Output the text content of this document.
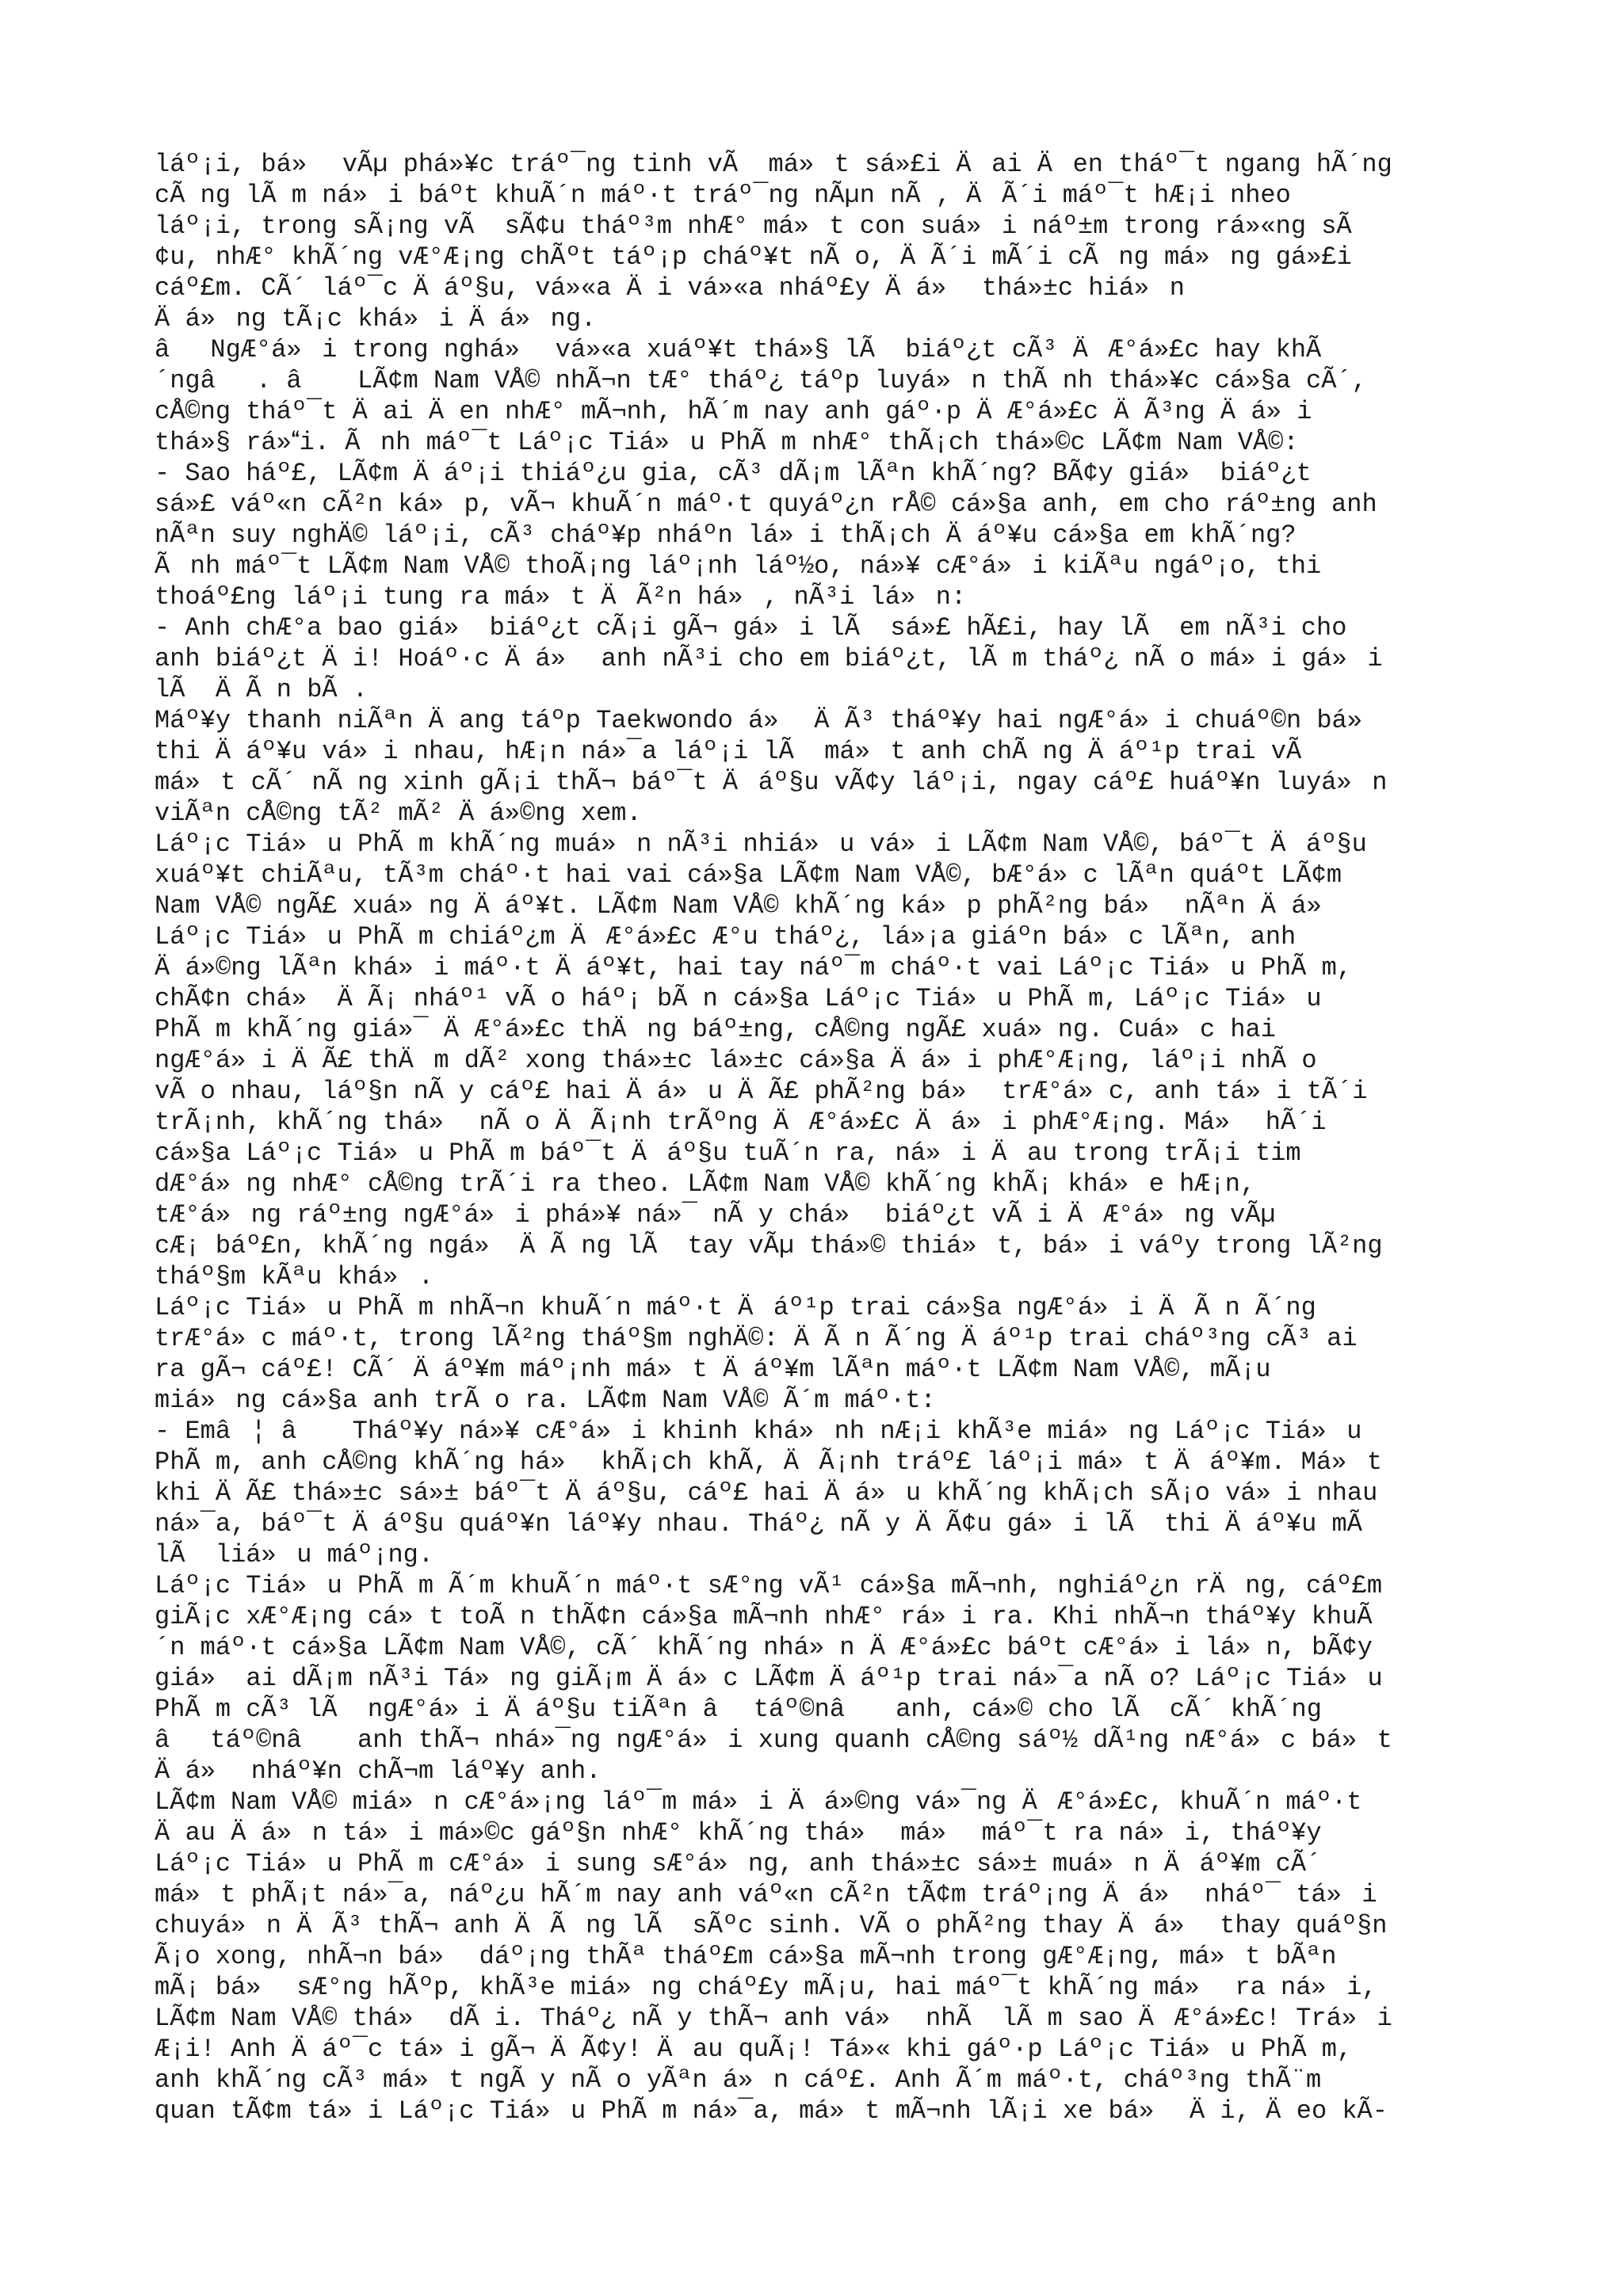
láº¡i, bá» vÃµ phá»¥c tráº¯ng tinh vÃ  má»t sá»£i Äai Äen tháº¯t ngang hÃ´ng
cÃ ng lÃ m ná»i báºt khuÃ´n máº·t tráº¯ng nÃµn nÃ , ÄÃ´i máº¯t hÆ¡i nheo
láº¡i, trong sÃ¡ng vÃ  sÃ¢u tháº³m nhÆ° má»t con suá»i náº±m trong rá»«ng sÃ
¢u, nhÆ° khÃ´ng vÆ°Æ¡ng chÃºt táº¡p cháº¥t nÃ o, ÄÃ´i mÃ´i cÃng má»ng gá»£i
cáº£m. CÃ´ láº¯c Äáº§u, vá»«a Äi vá»«a nháº£y Äá» thá»±c hiá»n
Äá»ng tÃ¡c khá»i Äá»ng.
âNgÆ°á»i trong nghá» vá»«a xuáº¥t thá»§ lÃ  biáº¿t cÃ³ ÄÆ°á»£c hay khÃ
´ngâ. â LÃ¢m Nam VÅ© nhÃ¬n tÆ° tháº¿ táºp luyá»n thÃ nh thá»¥c cá»§a cÃ´,
cÅ©ng tháº¯t Äai Äen nhÆ° mÃ¬nh, hÃ´m nay anh gáº·p ÄÆ°á»£c ÄÃ³ng Äá»i
thá»§ rá»i. Ãnh máº¯t Láº¡c Tiá»u PhÃ m nhÆ° thÃ¡ch thá»©c LÃ¢m Nam VÅ©:
- Sao háº£, LÃ¢m Äáº¡i thiáº¿u gia, cÃ³ dÃ¡m lÃªn khÃ´ng? BÃ¢y giá» biáº¿t
sá»£ váº«n cÃ²n ká»p, vÃ¬ khuÃ´n máº·t quyáº¿n rÅ© cá»§a anh, em cho ráº±ng anh
nÃªn suy nghÄ© láº¡i, cÃ³ cháº¥p nháºn lá»i thÃ¡ch Äáº¥u cá»§a em khÃ´ng?
Ãnh máº¯t LÃ¢m Nam VÅ© thoÃ¡ng láº¡nh láº½o, ná»¥ cÆ°á»i kiÃªu ngáº¡o, thi
thoáº£ng láº¡i tung ra má»t ÄÃ²n há», nÃ³i lá»n:
- Anh chÆ°a bao giá» biáº¿t cÃ¡i gÃ¬ gá»i lÃ  sá»£ hÃ£i, hay lÃ  em nÃ³i cho
anh biáº¿t Äi! Hoáº·c Äá» anh nÃ³i cho em biáº¿t, lÃ m tháº¿ nÃ o má»i gá»i
lÃ  ÄÃ n bÃ .
Máº¥y thanh niÃªn Äang táºp Taekwondo á» ÄÃ³ tháº¥y hai ngÆ°á»i chuáº©n bá»
thi Äáº¥u vá»i nhau, hÆ¡n ná»¯a láº¡i lÃ  má»t anh chÃ ng Äáº¹p trai vÃ
má»t cÃ´ nÃ ng xinh gÃ¡i thÃ¬ báº¯t Äáº§u vÃ¢y láº¡i, ngay cáº£ huáº¥n luyá»n
viÃªn cÅ©ng tÃ² mÃ² Äá»©ng xem.
Láº¡c Tiá»u PhÃ m khÃ´ng muá»n nÃ³i nhiá»u vá»i LÃ¢m Nam VÅ©, báº¯t Äáº§u
xuáº¥t chiÃªu, tÃ³m cháº·t hai vai cá»§a LÃ¢m Nam VÅ©, bÆ°á»c lÃªn quáºt LÃ¢m
Nam VÅ© ngÃ£ xuá»ng Äáº¥t. LÃ¢m Nam VÅ© khÃ´ng ká»p phÃ²ng bá» nÃªn Äá»
Láº¡c Tiá»u PhÃ m chiáº¿m ÄÆ°á»£c Æ°u tháº¿, lá»¡a giáºn bá»c lÃªn, anh
Äá»©ng lÃªn khá»i máº·t Äáº¥t, hai tay náº¯m cháº·t vai Láº¡c Tiá»u PhÃ m,
chÃ¢n chá» ÄÃ¡ nháº¹ vÃ o háº¡ bÃ n cá»§a Láº¡c Tiá»u PhÃ m, Láº¡c Tiá»u
PhÃ m khÃ´ng giá»¯ ÄÆ°á»£c thÄng báº±ng, cÅ©ng ngÃ£ xuá»ng. Cuá»c hai
ngÆ°á»i ÄÃ£ thÄm dÃ² xong thá»±c lá»±c cá»§a Äá»i phÆ°Æ¡ng, láº¡i nhÃ o
vÃ o nhau, láº§n nÃ y cáº£ hai Äá»u ÄÃ£ phÃ²ng bá» trÆ°á»c, anh tá»i tÃ´i
trÃ¡nh, khÃ´ng thá» nÃ o ÄÃ¡nh trÃºng ÄÆ°á»£c Äá»i phÆ°Æ¡ng. Má» hÃ´i
cá»§a Láº¡c Tiá»u PhÃ m báº¯t Äáº§u tuÃ´n ra, ná»i Äau trong trÃ¡i tim
dÆ°á»ng nhÆ° cÅ©ng trÃ´i ra theo. LÃ¢m Nam VÅ© khÃ´ng khÃ¡ khá»e hÆ¡n,
tÆ°á»ng ráº±ng ngÆ°á»i phá»¥ ná»¯ nÃ y chá» biáº¿t vÃ i ÄÆ°á»ng vÃµ
cÆ¡ báº£n, khÃ´ng ngá» ÄÃng lÃ  tay vÃµ thá»© thiá»t, bá»i váºy trong lÃ²ng
tháº§m kÃªu khá».
Láº¡c Tiá»u PhÃ m nhÃ¬n khuÃ´n máº·t Äáº¹p trai cá»§a ngÆ°á»i ÄÃ n Ã´ng
trÆ°á»c máº·t, trong lÃ²ng tháº§m nghÄ©: ÄÃ n Ã´ng Äáº¹p trai cháº³ng cÃ³ ai
ra gÃ¬ cáº£! CÃ´ Äáº¥m máº¡nh má»t Äáº¥m lÃªn máº·t LÃ¢m Nam VÅ©, mÃ¡u
miá»ng cá»§a anh trÃ o ra. LÃ¢m Nam VÅ© Ã´m máº·t:
- Emâ¦ â Tháº¥y ná»¥ cÆ°á»i khinh khá»nh nÆ¡i khÃ³e miá»ng Láº¡c Tiá»u
PhÃ m, anh cÅ©ng khÃ´ng há» khÃ¡ch khÃ, ÄÃ¡nh tráº£ láº¡i má»t Äáº¥m. Má»t
khi ÄÃ£ thá»±c sá»± báº¯t Äáº§u, cáº£ hai Äá»u khÃ´ng khÃ¡ch sÃ¡o vá»i nhau
ná»¯a, báº¯t Äáº§u quáº¥n láº¥y nhau. Tháº¿ nÃ y ÄÃ¢u gá»i lÃ  thi Äáº¥u mÃ
lÃ  liá»u máº¡ng.
Láº¡c Tiá»u PhÃ m Ã´m khuÃ´n máº·t sÆ°ng vÃ¹ cá»§a mÃ¬nh, nghiáº¿n rÄng, cáº£m
giÃ¡c xÆ°Æ¡ng cá»t toÃ n thÃ¢n cá»§a mÃ¬nh nhÆ° rá»i ra. Khi nhÃ¬n tháº¥y khuÃ
´n máº·t cá»§a LÃ¢m Nam VÅ©, cÃ´ khÃ´ng nhá»n ÄÆ°á»£c báºt cÆ°á»i lá»n, bÃ¢y
giá» ai dÃ¡m nÃ³i Tá»ng giÃ¡m Äá»c LÃ¢m Äáº¹p trai ná»¯a nÃ o? Láº¡c Tiá»u
PhÃ m cÃ³ lÃ  ngÆ°á»i Äáº§u tiÃªn âtáº©nâ anh, cá»© cho lÃ  cÃ´ khÃ´ng
âtáº©nâ anh thÃ¬ nhá»¯ng ngÆ°á»i xung quanh cÅ©ng sáº½ dÃ¹ng nÆ°á»c bá»t
Äá» nháº¥n chÃ¬m láº¥y anh.
LÃ¢m Nam VÅ© miá»n cÆ°á»¡ng láº¯m má»i Äá»©ng vá»¯ng ÄÆ°á»£c, khuÃ´n máº·t
Äau Äá»n tá»i má»©c gáº§n nhÆ° khÃ´ng thá» má» máº¯t ra ná»i, tháº¥y
Láº¡c Tiá»u PhÃ m cÆ°á»i sung sÆ°á»ng, anh thá»±c sá»± muá»n Äáº¥m cÃ´
má»t phÃ¡t ná»¯a, náº¿u hÃ´m nay anh váº«n cÃ²n tÃ¢m tráº¡ng Äá» nháº¯ tá»i
chuyá»n ÄÃ³ thÃ¬ anh ÄÃng lÃ  sÃºc sinh. VÃ o phÃ²ng thay Äá» thay quáº§n
Ã¡o xong, nhÃ¬n bá» dáº¡ng thÃª tháº£m cá»§a mÃ¬nh trong gÆ°Æ¡ng, má»t bÃªn
mÃ¡ bá» sÆ°ng hÃºp, khÃ³e miá»ng cháº£y mÃ¡u, hai máº¯t khÃ´ng má» ra ná»i,
LÃ¢m Nam VÅ© thá» dÃ i. Tháº¿ nÃ y thÃ¬ anh vá» nhÃ  lÃ m sao ÄÆ°á»£c! Trá»i
Æ¡i! Anh Äáº¯c tá»i gÃ¬ ÄÃ¢y! Äau quÃ¡! Tá»« khi gáº·p Láº¡c Tiá»u PhÃ m,
anh khÃ´ng cÃ³ má»t ngÃ y nÃ o yÃªn á»n cáº£. Anh Ã´m máº·t, cháº³ng thÃ¨m
quan tÃ¢m tá»i Láº¡c Tiá»u PhÃ m ná»¯a, má»t mÃ¬nh lÃ¡i xe bá» Äi, Äeo kÃ-
